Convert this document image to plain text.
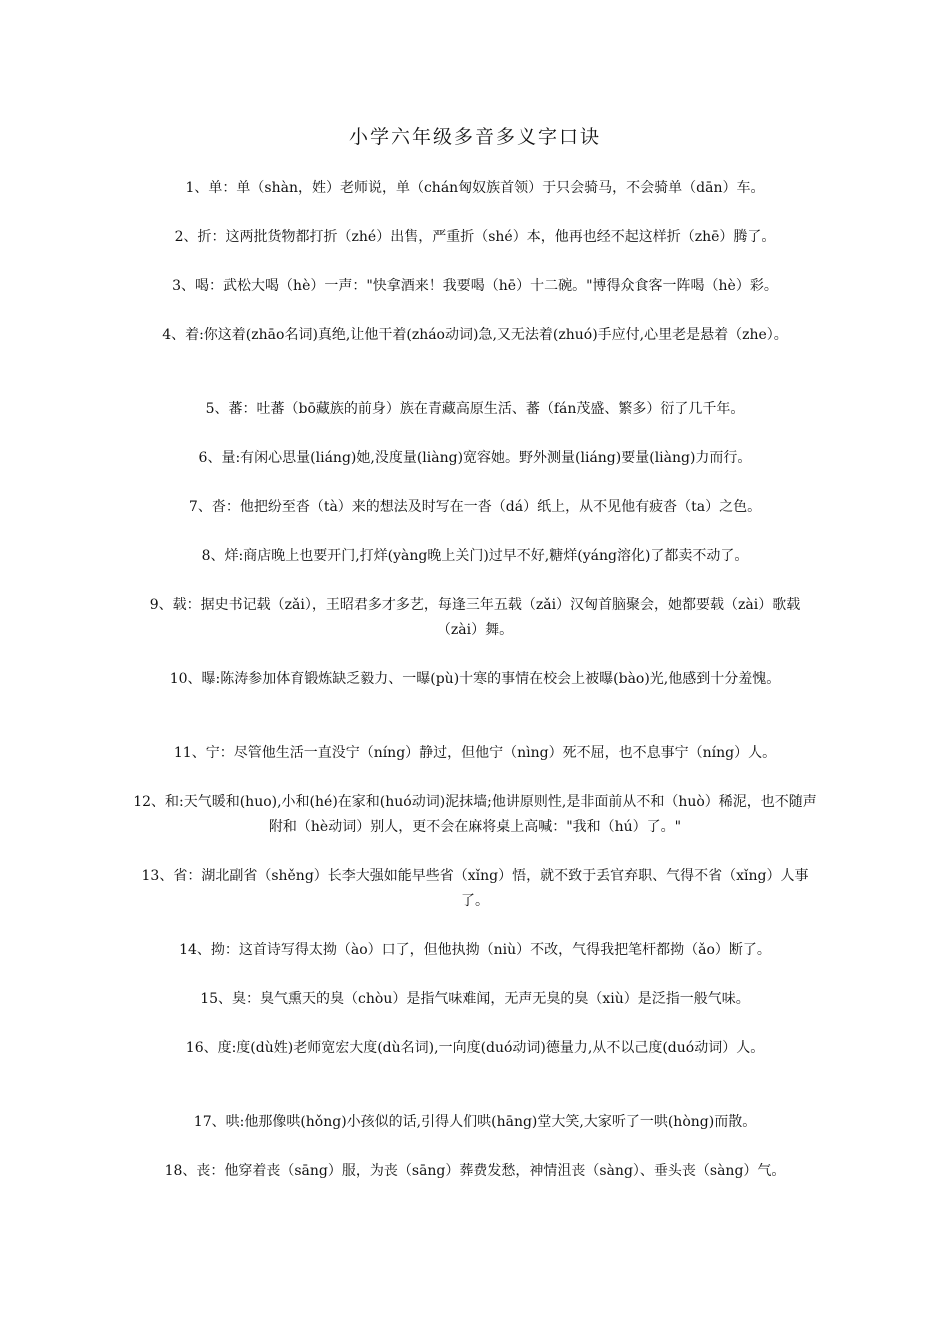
小学六年级多音多义字口诀
1、单：单（shàn，姓）老师说，单（chán匈奴族首领）于只会骑马，不会骑单（dān）车。
2、折：这两批货物都打折（zhé）出售，严重折（shé）本，他再也经不起这样折（zhē）腾了。
3、喝：武松大喝（hè）一声："快拿酒来！我要喝（hē）十二碗。"博得众食客一阵喝（hè）彩。
4、着:你这着(zhāo名词)真绝,让他干着(zháo动词)急,又无法着(zhuó)手应付,心里老是悬着（zhe）。
5、蕃：吐蕃（bō藏族的前身）族在青藏高原生活、蕃（fán茂盛、繁多）衍了几千年。
6、量:有闲心思量(liáng)她,没度量(liàng)宽容她。野外测量(liáng)要量(liàng)力而行。
7、沓：他把纷至沓（tà）来的想法及时写在一沓（dá）纸上，从不见他有疲沓（ta）之色。
8、烊:商店晚上也要开门,打烊(yàng晚上关门)过早不好,糖烊(yáng溶化)了都卖不动了。
9、载：据史书记载（zǎi），王昭君多才多艺，每逢三年五载（zǎi）汉匈首脑聚会，她都要载（zài）歌载（zài）舞。
10、曝:陈涛参加体育锻炼缺乏毅力、一曝(pù)十寒的事情在校会上被曝(bào)光,他感到十分羞愧。
11、宁：尽管他生活一直没宁（níng）静过，但他宁（nìng）死不屈，也不息事宁（níng）人。
12、和:天气暖和(huo),小和(hé)在家和(huó动词)泥抹墙;他讲原则性,是非面前从不和（huò）稀泥，也不随声附和（hè动词）别人，更不会在麻将桌上高喊："我和（hú）了。"
13、省：湖北副省（shěng）长李大强如能早些省（xǐng）悟，就不致于丢官弃职、气得不省（xǐng）人事了。
14、拗：这首诗写得太拗（ào）口了，但他执拗（niù）不改，气得我把笔杆都拗（ǎo）断了。
15、臭：臭气熏天的臭（chòu）是指气味难闻，无声无臭的臭（xiù）是泛指一般气味。
16、度:度(dù姓)老师宽宏大度(dù名词),一向度(duó动词)德量力,从不以己度(duó动词）人。
17、哄:他那像哄(hǒng)小孩似的话,引得人们哄(hāng)堂大笑,大家听了一哄(hòng)而散。
18、丧：他穿着丧（sāng）服，为丧（sāng）葬费发愁，神情沮丧（sàng）、垂头丧（sàng）气。
